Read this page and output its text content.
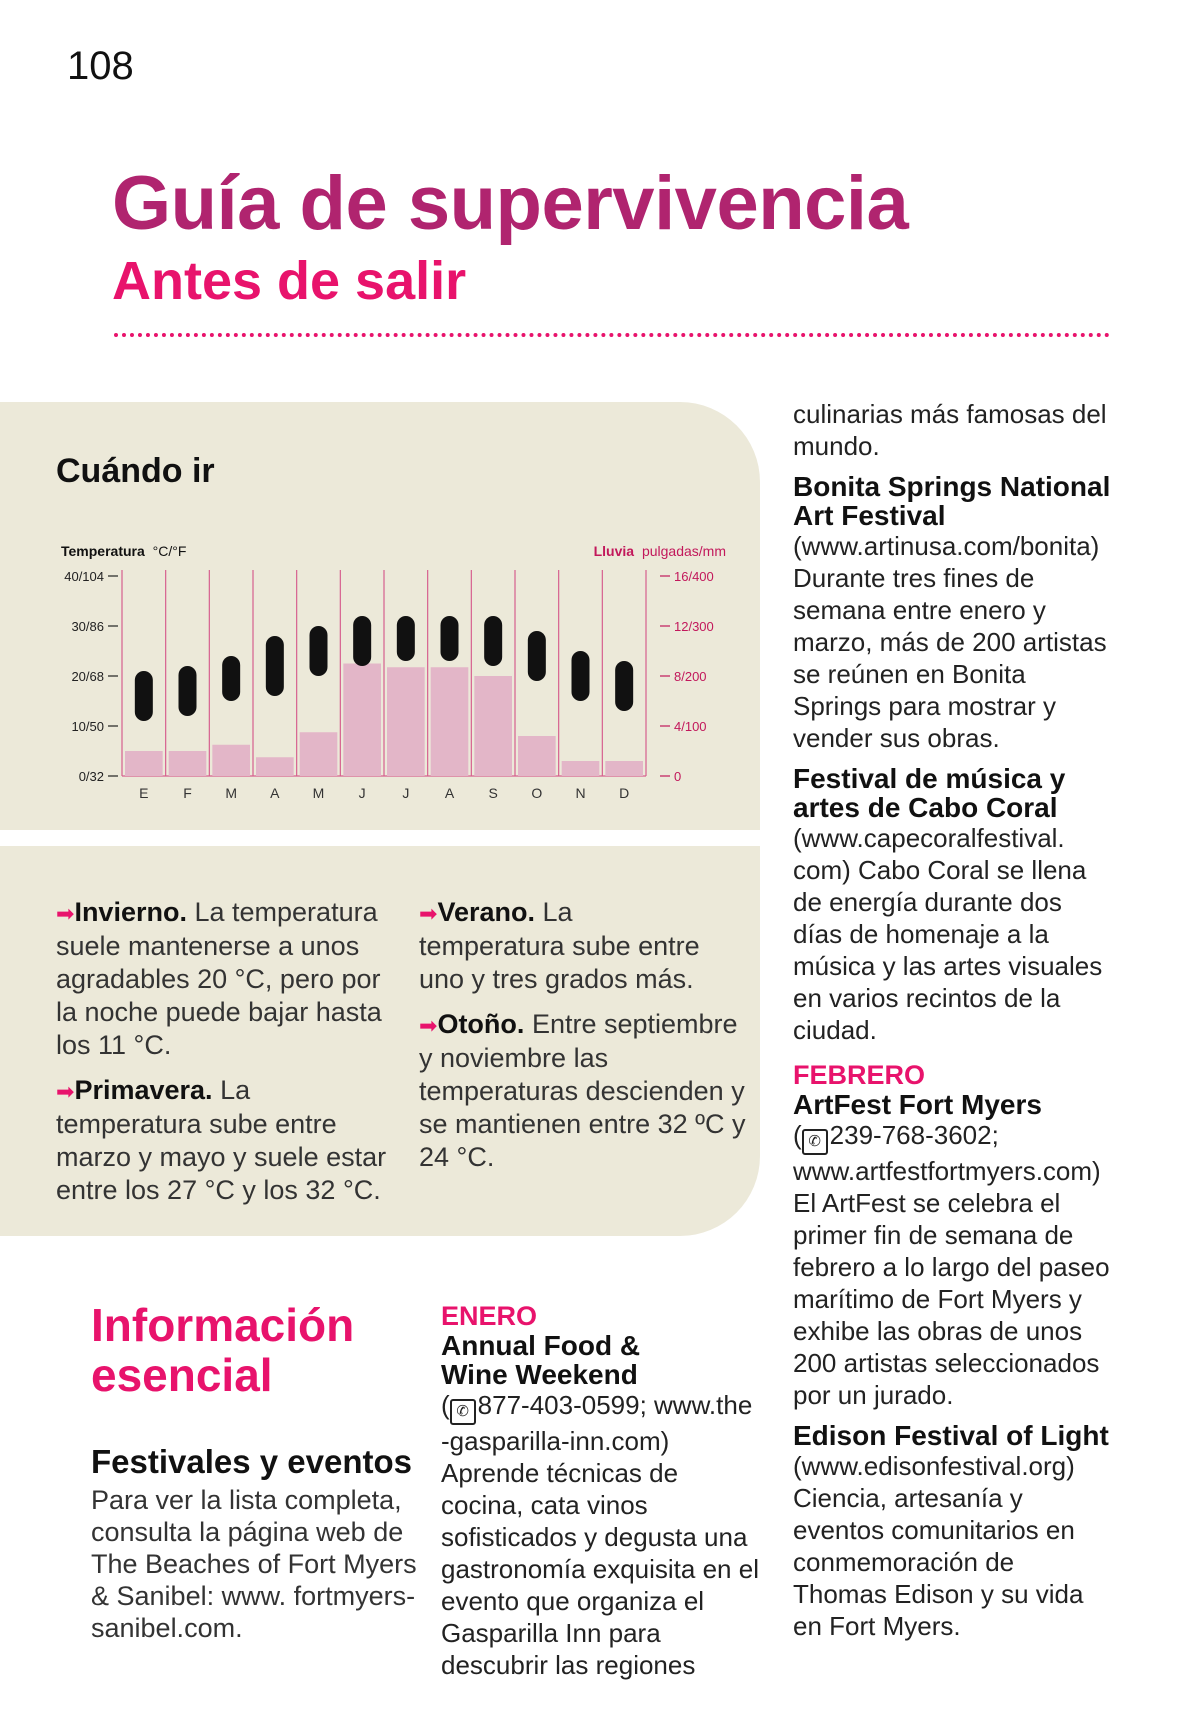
108
Guía de supervivencia
Antes de salir
Cuándo ir
Temperatura °C/°F	Lluvia pulgadas/mm
40/104
30/86
20/68
10/50
0/32
16/400
12/300
8/200
4/100
0
E F M A M J	J	A S O N D
➡Invierno. La temperatura suele mantenerse a unos agradables 20 °C, pero por la noche puede bajar hasta los 11 °C.
➡Primavera. La temperatura sube entre marzo y mayo y suele estar entre los 27 °C y los 32 °C.
➡Verano. La temperatura sube entre uno y tres grados más.
➡Otoño. Entre septiembre y noviembre las temperaturas descienden y se mantienen entre 32 ºC y 24 °C.
Información
esencial
Festivales y eventos
Para ver la lista completa, consulta la página web de The Beaches of Fort Myers & Sanibel: www. fortmyers-sanibel.com.
ENERO
Annual Food & Wine Weekend
( ✆ 877-403-0599; www.the -gasparilla-inn.com)
Aprende técnicas de cocina, cata vinos sofisticados y degusta una gastronomía exquisita en el evento que organiza el Gasparilla Inn para descubrir las regiones
culinarias más famosas del mundo.
Bonita Springs National Art Festival
(www.artinusa.com/bonita)
Durante tres fines de semana entre enero y marzo, más de 200 artistas se reúnen en Bonita Springs para mostrar y vender sus obras.
Festival de música y artes de Cabo Coral
(www.capecoralfestival. com) Cabo Coral se llena de energía durante dos días de homenaje a la música y las artes visuales en varios recintos de la ciudad.
FEBRERO
ArtFest Fort Myers
( ✆ 239-768-3602; www.artfestfortmyers.com)
El ArtFest se celebra el primer fin de semana de febrero a lo largo del paseo marítimo de Fort Myers y exhibe las obras de unos 200 artistas seleccionados por un jurado.
Edison Festival of Light
(www.edisonfestival.org)
Ciencia, artesanía y eventos comunitarios en conmemoración de Thomas Edison y su vida en Fort Myers.
